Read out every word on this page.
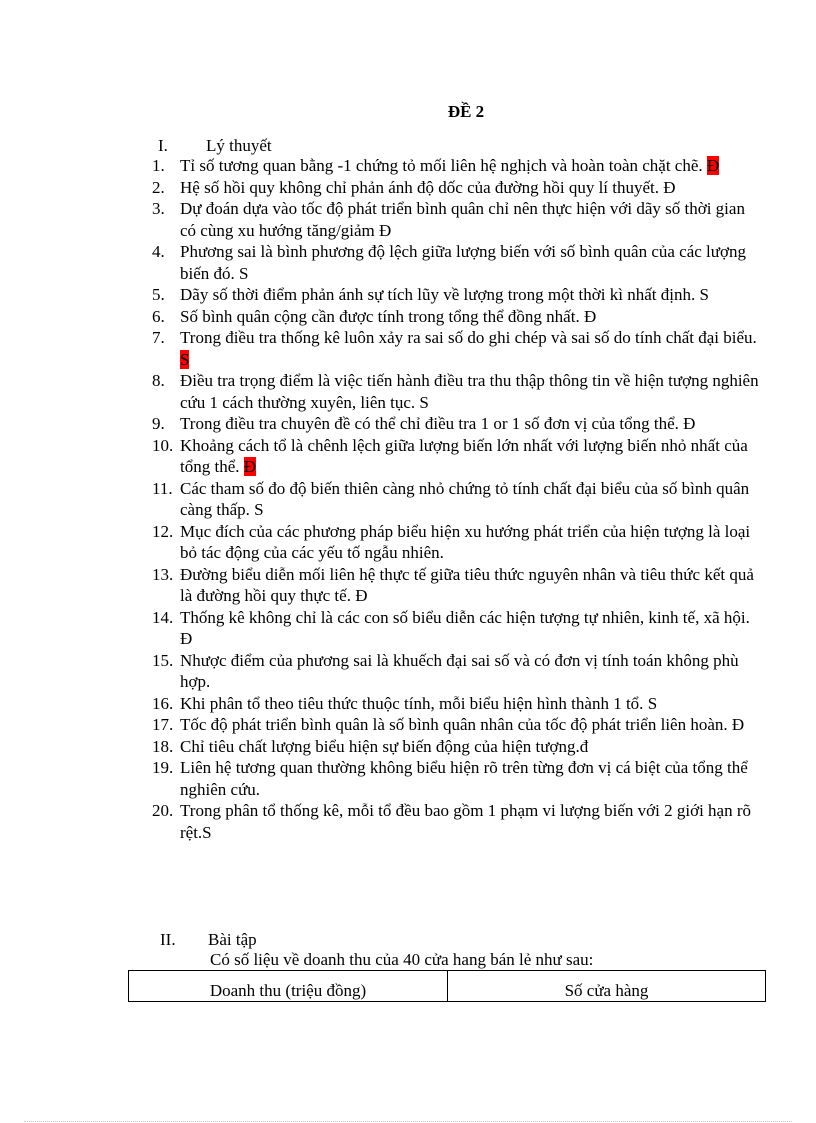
ĐỀ 2
I. Lý thuyết
1. Tỉ số tương quan bằng -1 chứng tỏ mối liên hệ nghịch và hoàn toàn chặt chẽ. Đ
2. Hệ số hồi quy không chỉ phản ánh độ dốc của đường hồi quy lí thuyết. Đ
3. Dự đoán dựa vào tốc độ phát triển bình quân chỉ nên thực hiện với dãy số thời gian có cùng xu hướng tăng/giảm Đ
4. Phương sai là bình phương độ lệch giữa lượng biến với số bình quân của các lượng biến đó. S
5. Dãy số thời điểm phản ánh sự tích lũy về lượng trong một thời kì nhất định. S
6. Số bình quân cộng cần được tính trong tổng thể đồng nhất. Đ
7. Trong điều tra thống kê luôn xảy ra sai số do ghi chép và sai số do tính chất đại biểu. S
8. Điều tra trọng điểm là việc tiến hành điều tra thu thập thông tin về hiện tượng nghiên cứu 1 cách thường xuyên, liên tục. S
9. Trong điều tra chuyên đề có thể chỉ điều tra 1 or 1 số đơn vị của tổng thể. Đ
10. Khoảng cách tổ là chênh lệch giữa lượng biến lớn nhất với lượng biến nhỏ nhất của tổng thể. Đ
11. Các tham số đo độ biến thiên càng nhỏ chứng tỏ tính chất đại biểu của số bình quân càng thấp. S
12. Mục đích của các phương pháp biểu hiện xu hướng phát triển của hiện tượng là loại bỏ tác động của các yếu tố ngẫu nhiên.
13. Đường biểu diễn mối liên hệ thực tế giữa tiêu thức nguyên nhân và tiêu thức kết quả là đường hồi quy thực tế. Đ
14. Thống kê không chỉ là các con số biểu diễn các hiện tượng tự nhiên, kinh tế, xã hội. Đ
15. Nhược điểm của phương sai là khuếch đại sai số và có đơn vị tính toán không phù hợp.
16. Khi phân tổ theo tiêu thức thuộc tính, mỗi biểu hiện hình thành 1 tổ. S
17. Tốc độ phát triển bình quân là số bình quân nhân của tốc độ phát triển liên hoàn. Đ
18. Chỉ tiêu chất lượng biểu hiện sự biến động của hiện tượng.đ
19. Liên hệ tương quan thường không biểu hiện rõ trên từng đơn vị cá biệt của tổng thể nghiên cứu.
20. Trong phân tổ thống kê, mỗi tổ đều bao gồm 1 phạm vi lượng biến với 2 giới hạn rõ rệt.S
II. Bài tập
Có số liệu về doanh thu của 40 cửa hang bán lẻ như sau:
Doanh thu (triệu đồng)	Số cửa hàng
